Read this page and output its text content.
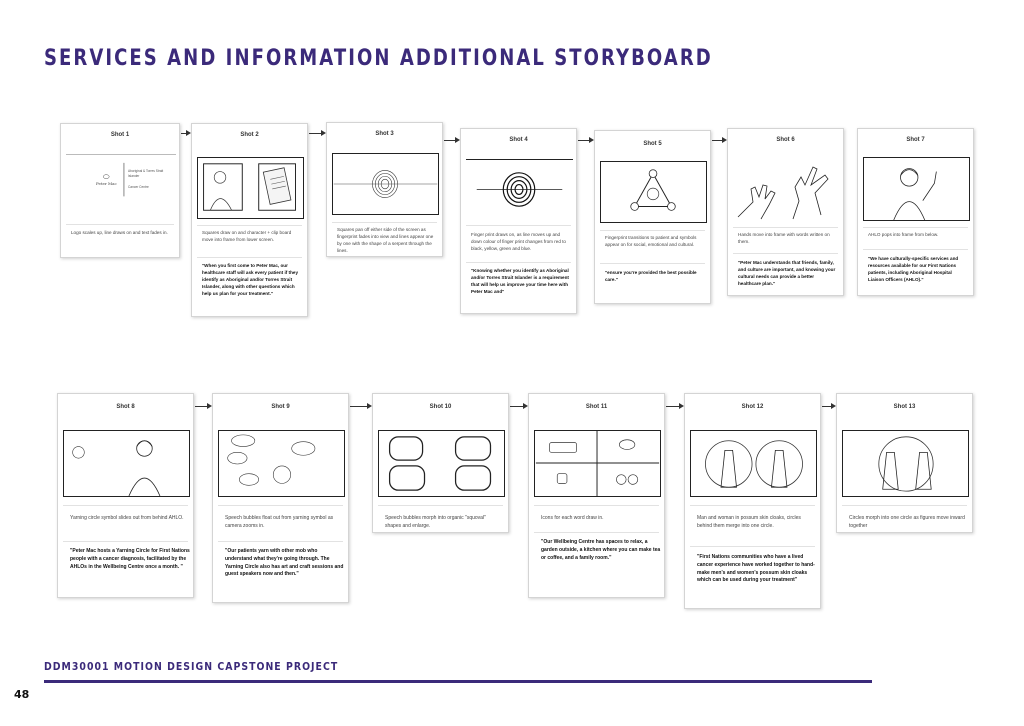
SERVICES AND INFORMATION ADDITIONAL STORYBOARD
Shot 1
Peter Mac
Aboriginal & Torres Strait Islander
Cancer Centre
Logo scales up, line draws on and text fades in.
Shot 2
Squares draw on and character + clip board move into frame from lower screen.
"When you first come to Peter Mac, our healthcare staff will ask every patient if they identify as Aboriginal and/or Torres Strait Islander, along with other questions which help us plan for your treatment."
Shot 3
Squares pan off either side of the screen as fingerprint fades into view and lines appear one by one with the shape of a serpent through the lines.
Shot 4
Finger print draws on, as line moves up and down colour of finger print changes from red to black, yellow, green and blue.
"Knowing whether you identify as Aboriginal and/or Torres Strait Islander is a requirement that will help us improve your time here with Peter Mac and"
Shot 5
Fingerprint transitions to patient and symbols appear on for social, emotional and cultural.
"ensure you're provided the best possible care."
Shot 6
Hands move into frame with words written on them.
"Peter Mac understands that friends, family, and culture are important, and knowing your cultural needs can provide a better healthcare plan."
Shot 7
AHLO pops into frame from below.
"We have culturally-specific services and resources available for our First Nations patients, including Aboriginal Hospital Liaison Officers (AHLO)."
Shot 8
Yarning circle symbol slides out from behind AHLO.
"Peter Mac hosts a Yarning Circle for First Nations people with a cancer diagnosis, facilitated by the AHLOs in the Wellbeing Centre once a month. "
Shot 9
Speech bubbles float out from yarning symbol as camera zooms in.
"Our patients yarn with other mob who understand what they're going through. The Yarning Circle also has art and craft sessions and guest speakers now and then."
Shot 10
Speech bubbles morph into organic "squoval" shapes and enlarge.
Shot 11
Icons for each word draw in.
"Our Wellbeing Centre has spaces to relax, a garden outside, a kitchen where you can make tea or coffee, and a family room."
Shot 12
Man and woman in possum skin cloaks, circles behind them merge into one circle.
"First Nations communities who have a lived cancer experience have worked together to hand-make men's and women's possum skin cloaks which can be used during your treatment"
Shot 13
Circles morph into one circle as figures move inward together
DDM30001 MOTION DESIGN CAPSTONE PROJECT
48
